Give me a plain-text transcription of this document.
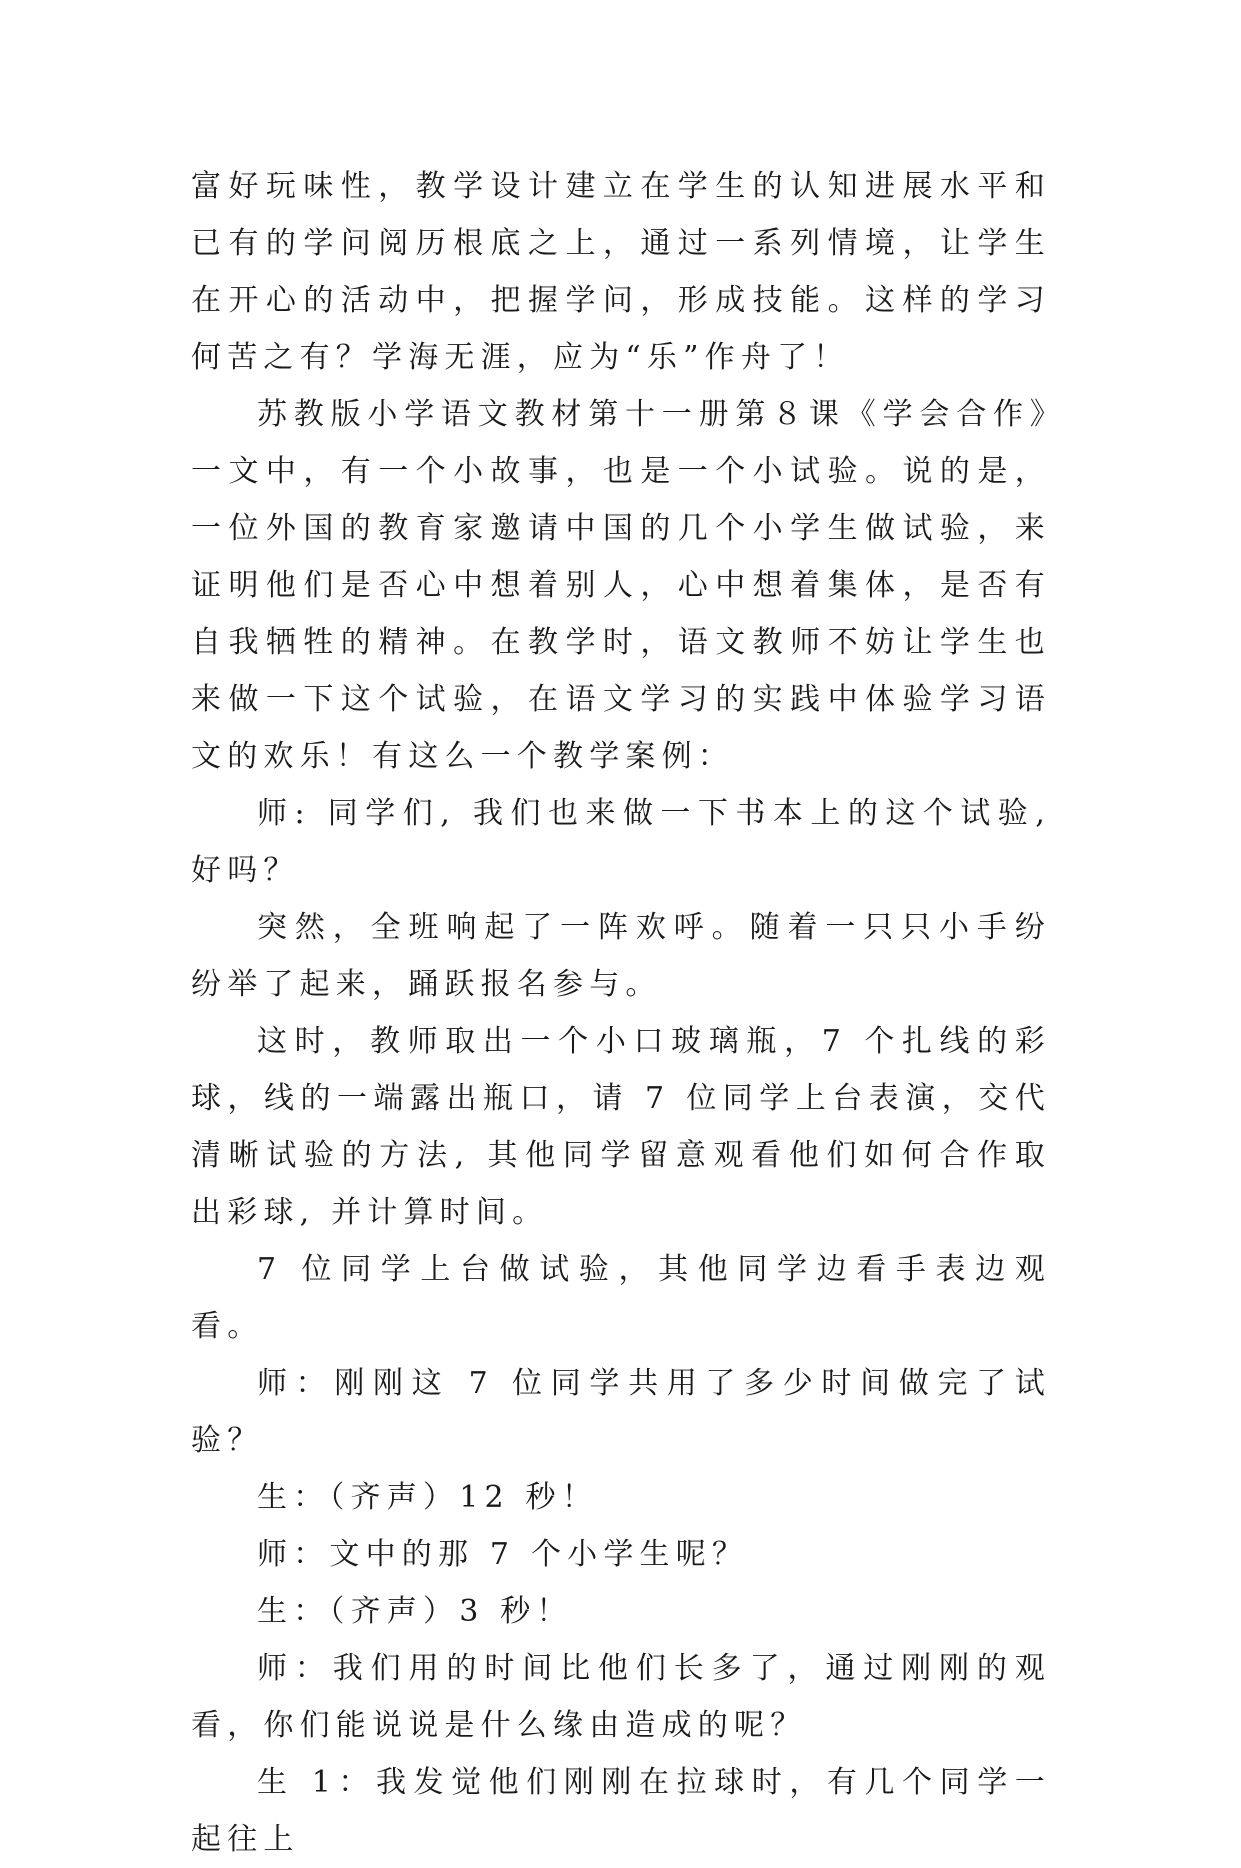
富好玩味性，教学设计建立在学生的认知进展水平和已有的学问阅历根底之上，通过一系列情境，让学生在开心的活动中，把握学问，形成技能。这样的学习何苦之有？学海无涯，应为“乐”作舟了！

苏教版小学语文教材第十一册第８课《学会合作》一文中，有一个小故事，也是一个小试验。说的是，一位外国的教育家邀请中国的几个小学生做试验，来证明他们是否心中想着别人，心中想着集体，是否有自我牺牲的精神。在教学时，语文教师不妨让学生也来做一下这个试验，在语文学习的实践中体验学习语文的欢乐！有这么一个教学案例：

师: 同学们, 我们也来做一下书本上的这个试验, 好吗？

突然，全班响起了一阵欢呼。随着一只只小手纷纷举了起来，踊跃报名参与。

这时，教师取出一个小口玻璃瓶，7 个扎线的彩球，线的一端露出瓶口，请 7 位同学上台表演，交代清晰试验的方法, 其他同学留意观看他们如何合作取出彩球, 并计算时间。

7 位同学上台做试验，其他同学边看手表边观看。

师：刚刚这 7 位同学共用了多少时间做完了试验？

生：（齐声）12 秒！

师：文中的那 7 个小学生呢？

生：（齐声）3 秒！

师：我们用的时间比他们长多了，通过刚刚的观看，你们能说说是什么缘由造成的呢？

生 1：我发觉他们刚刚在拉球时，有几个同学一起往上
